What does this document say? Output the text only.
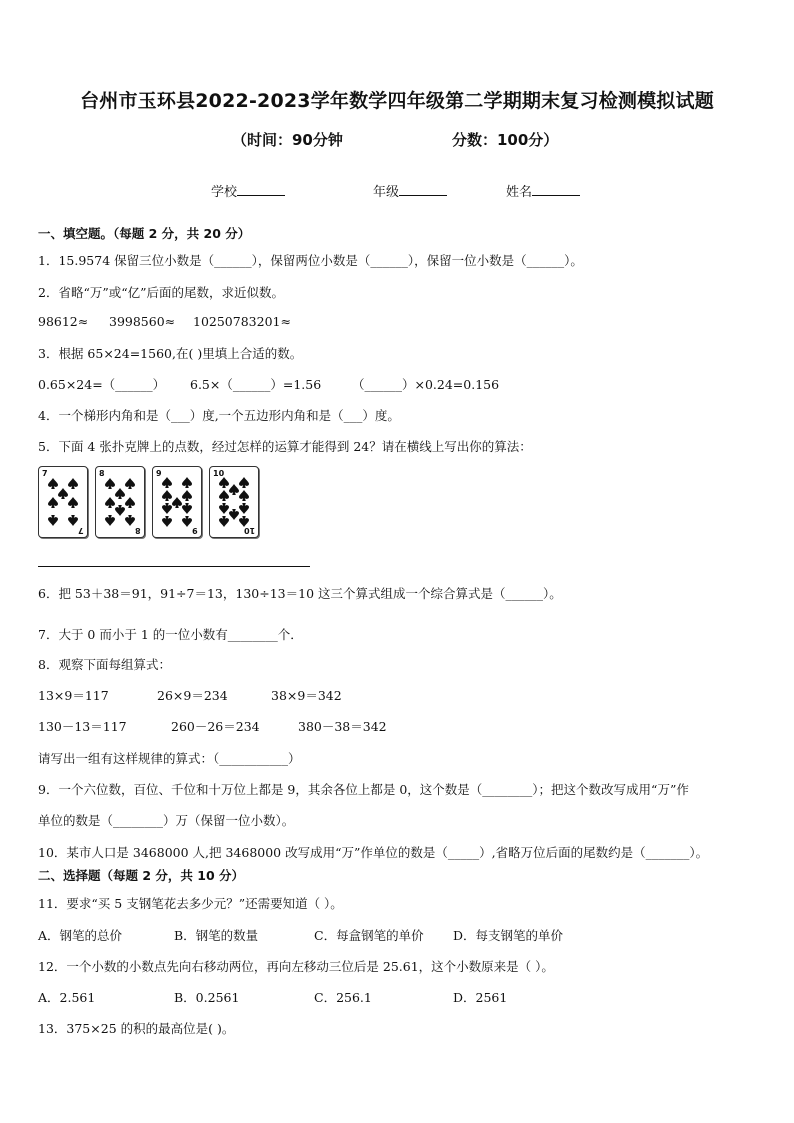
台州市玉环县2022-2023学年数学四年级第二学期期末复习检测模拟试题
（时间：90分钟	分数：100分）
学校	年级	姓名
一、填空题。（每题 2 分，共 20 分）
1．15.9574 保留三位小数是（______），保留两位小数是（______），保留一位小数是（______）。
2．省略“万”或“亿”后面的尾数，求近似数。
98612≈ 3998560≈ 10250783201≈
3．根据 65×24=1560,在( )里填上合适的数。
0.65×24=（______） 6.5×（______）=1.56 （______）×0.24=0.156
4．一个梯形内角和是（___）度,一个五边形内角和是（___）度。
5．下面 4 张扑克牌上的点数，经过怎样的运算才能得到 24？请在横线上写出你的算法：
7
7
8
8
9
9
10
10
6．把 53＋38＝91，91÷7＝13，130÷13＝10 这三个算式组成一个综合算式是（______）。
7．大于 0 而小于 1 的一位小数有________个．
8．观察下面每组算式：
13×9＝117	26×9＝234	38×9＝342
130－13＝117	260－26＝234	380－38＝342
请写出一组有这样规律的算式：（___________）
9．一个六位数，百位、千位和十万位上都是 9，其余各位上都是 0，这个数是（________）；把这个数改写成用“万”作
单位的数是（________）万（保留一位小数）。
10．某市人口是 3468000 人,把 3468000 改写成用“万”作单位的数是（_____）,省略万位后面的尾数约是（_______）。
二、选择题（每题 2 分，共 10 分）
11．要求“买 5 支钢笔花去多少元？”还需要知道（ ）。
A．钢笔的总价	B．钢笔的数量	C．每盒钢笔的单价 D．每支钢笔的单价
12．一个小数的小数点先向右移动两位，再向左移动三位后是 25.61，这个小数原来是（ ）。
A．2.561	B．0.2561	C．256.1	D．2561
13．375×25 的积的最高位是( )。
